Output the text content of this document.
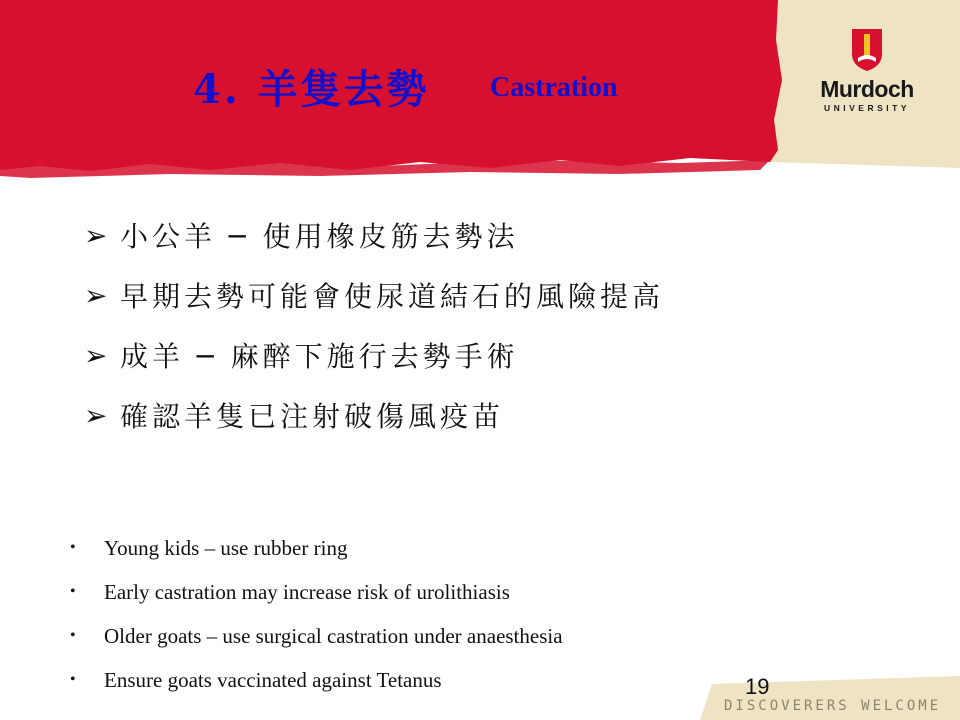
4. 羊隻去勢 Castration	Murdoch
UNIVERSITY
➢ 小公羊 ─ 使用橡皮筋去勢法
➢ 早期去勢可能會使尿道結石的風險提高
➢ 成羊 ─ 麻醉下施行去勢手術
➢ 確認羊隻已注射破傷風疫苗
•	Young kids – use rubber ring
•	Early castration may increase risk of urolithiasis
•	Older goats – use surgical castration under anaesthesia
•	Ensure goats vaccinated against Tetanus	19
DISCOVERERS WELCOME
